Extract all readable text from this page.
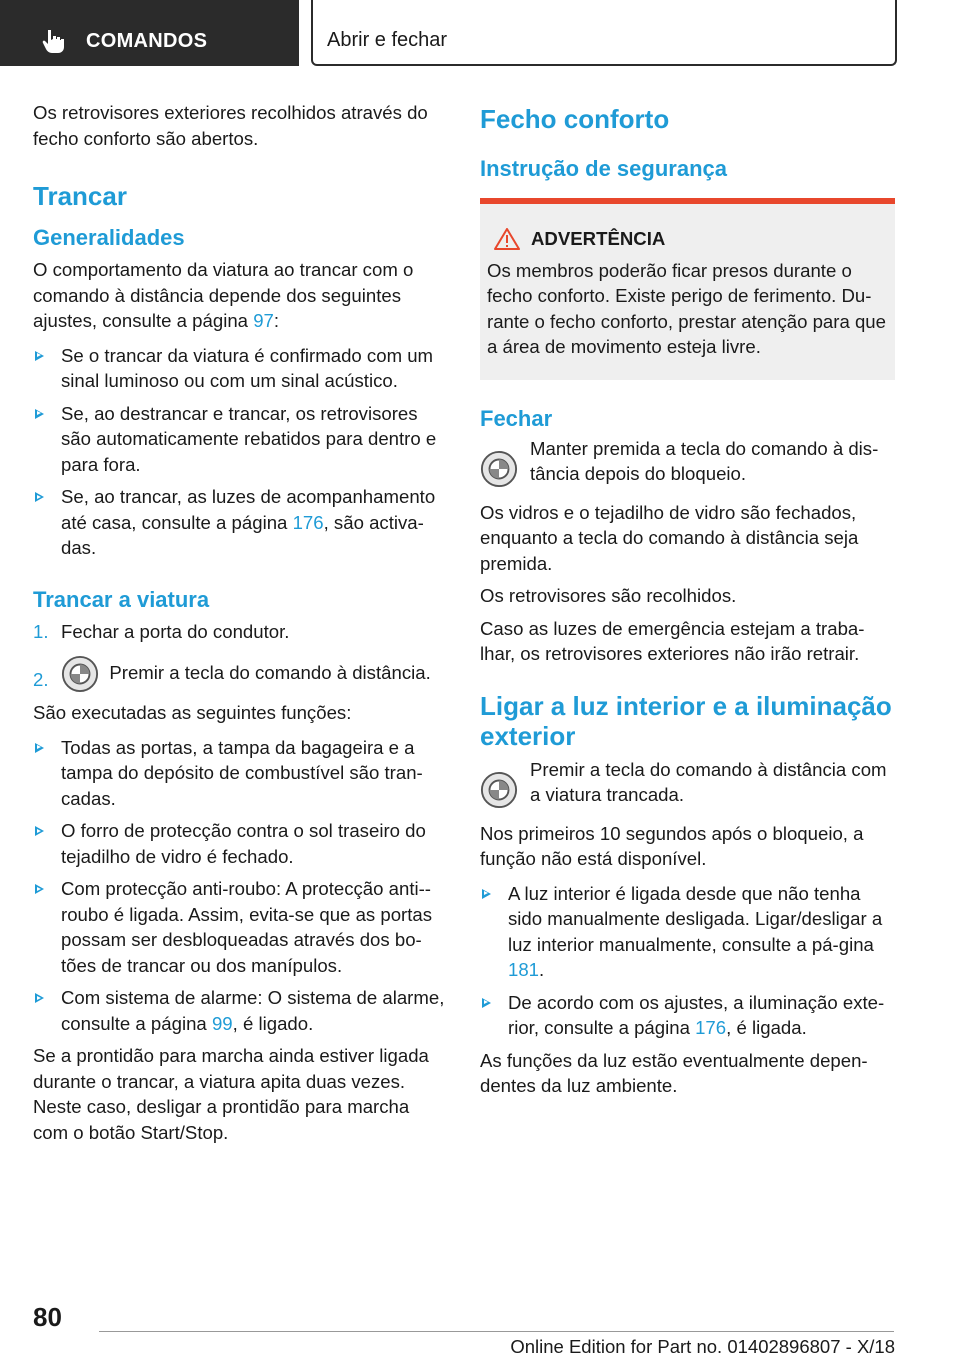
COMANDOS	Abrir e fechar

Os retrovisores exteriores recolhidos através do fecho conforto são abertos.

Trancar
Generalidades

O comportamento da viatura ao trancar com o comando à distância depende dos seguintes ajustes, consulte a página 97:

Se o trancar da viatura é confirmado com um sinal luminoso ou com um sinal acústico.
Se, ao destrancar e trancar, os retrovisores são automaticamente rebatidos para dentro e para fora.
Se, ao trancar, as luzes de acompanhamento até casa, consulte a página 176, são activa‐das.
Trancar a viatura
1. Fechar a porta do condutor.
2.	Premir a tecla do comando à distância.

São executadas as seguintes funções:

Todas as portas, a tampa da bagageira e a tampa do depósito de combustível são tran‐cadas.
O forro de protecção contra o sol traseiro do tejadilho de vidro é fechado.
Com protecção anti-roubo: A protecção anti‐-roubo é ligada. Assim, evita-se que as portas possam ser desbloqueadas através dos bo‐tões de trancar ou dos manípulos.
Com sistema de alarme: O sistema de alarme, consulte a página 99, é ligado.

Se a prontidão para marcha ainda estiver ligada durante o trancar, a viatura apita duas vezes. Neste caso, desligar a prontidão para marcha com o botão Start/Stop.

Fecho conforto
Instrução de segurança
ADVERTÊNCIA
Os membros poderão ficar presos durante o fecho conforto. Existe perigo de ferimento. Du‐rante o fecho conforto, prestar atenção para que a área de movimento esteja livre.
Fechar
Manter premida a tecla do comando à dis‐tância depois do bloqueio.

Os vidros e o tejadilho de vidro são fechados, enquanto a tecla do comando à distância seja premida.

Os retrovisores são recolhidos.

Caso as luzes de emergência estejam a traba‐lhar, os retrovisores exteriores não irão retrair.

Ligar a luz interior e a iluminação exterior
Premir a tecla do comando à distância com a viatura trancada.

Nos primeiros 10 segundos após o bloqueio, a função não está disponível.

A luz interior é ligada desde que não tenha sido manualmente desligada. Ligar/desligar a luz interior manualmente, consulte a pá‐gina 181.
De acordo com os ajustes, a iluminação exte‐rior, consulte a página 176, é ligada.

As funções da luz estão eventualmente depen‐dentes da luz ambiente.

80
Online Edition for Part no. 01402896807 - X/18
